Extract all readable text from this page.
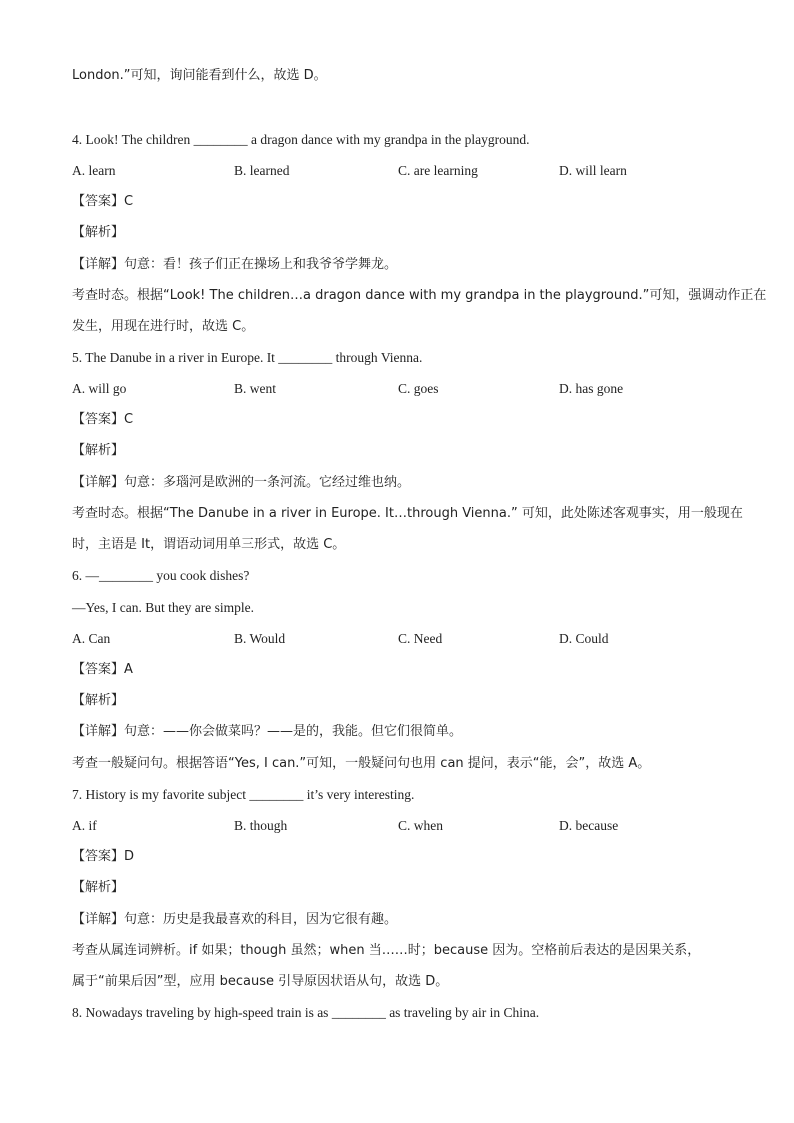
London.”可知，询问能看到什么，故选 D。
4. Look! The children ________ a dragon dance with my grandpa in the playground.
A. learn	B. learned	C. are learning	D. will learn
【答案】C
【解析】
【详解】句意：看！孩子们正在操场上和我爷爷学舞龙。
考查时态。根据“Look! The children…a dragon dance with my grandpa in the playground.”可知，强调动作正在
发生，用现在进行时，故选 C。
5. The Danube in a river in Europe. It ________ through Vienna.
A. will go	B. went	C. goes	D. has gone
【答案】C
【解析】
【详解】句意：多瑙河是欧洲的一条河流。它经过维也纳。
考查时态。根据“The Danube in a river in Europe. It…through Vienna.” 可知，此处陈述客观事实，用一般现在
时，主语是 It，谓语动词用单三形式，故选 C。
6. —________ you cook dishes?
—Yes, I can. But they are simple.
A. Can	B. Would	C. Need	D. Could
【答案】A
【解析】
【详解】句意：——你会做菜吗？——是的，我能。但它们很简单。
考查一般疑问句。根据答语“Yes, I can.”可知，一般疑问句也用 can 提问，表示“能，会”，故选 A。
7. History is my favorite subject ________ it’s very interesting.
A. if	B. though	C. when	D. because
【答案】D
【解析】
【详解】句意：历史是我最喜欢的科目，因为它很有趣。
考查从属连词辨析。if 如果；though 虽然；when 当……时；because 因为。空格前后表达的是因果关系，
属于“前果后因”型，应用 because 引导原因状语从句，故选 D。
8. Nowadays traveling by high-speed train is as ________ as traveling by air in China.
